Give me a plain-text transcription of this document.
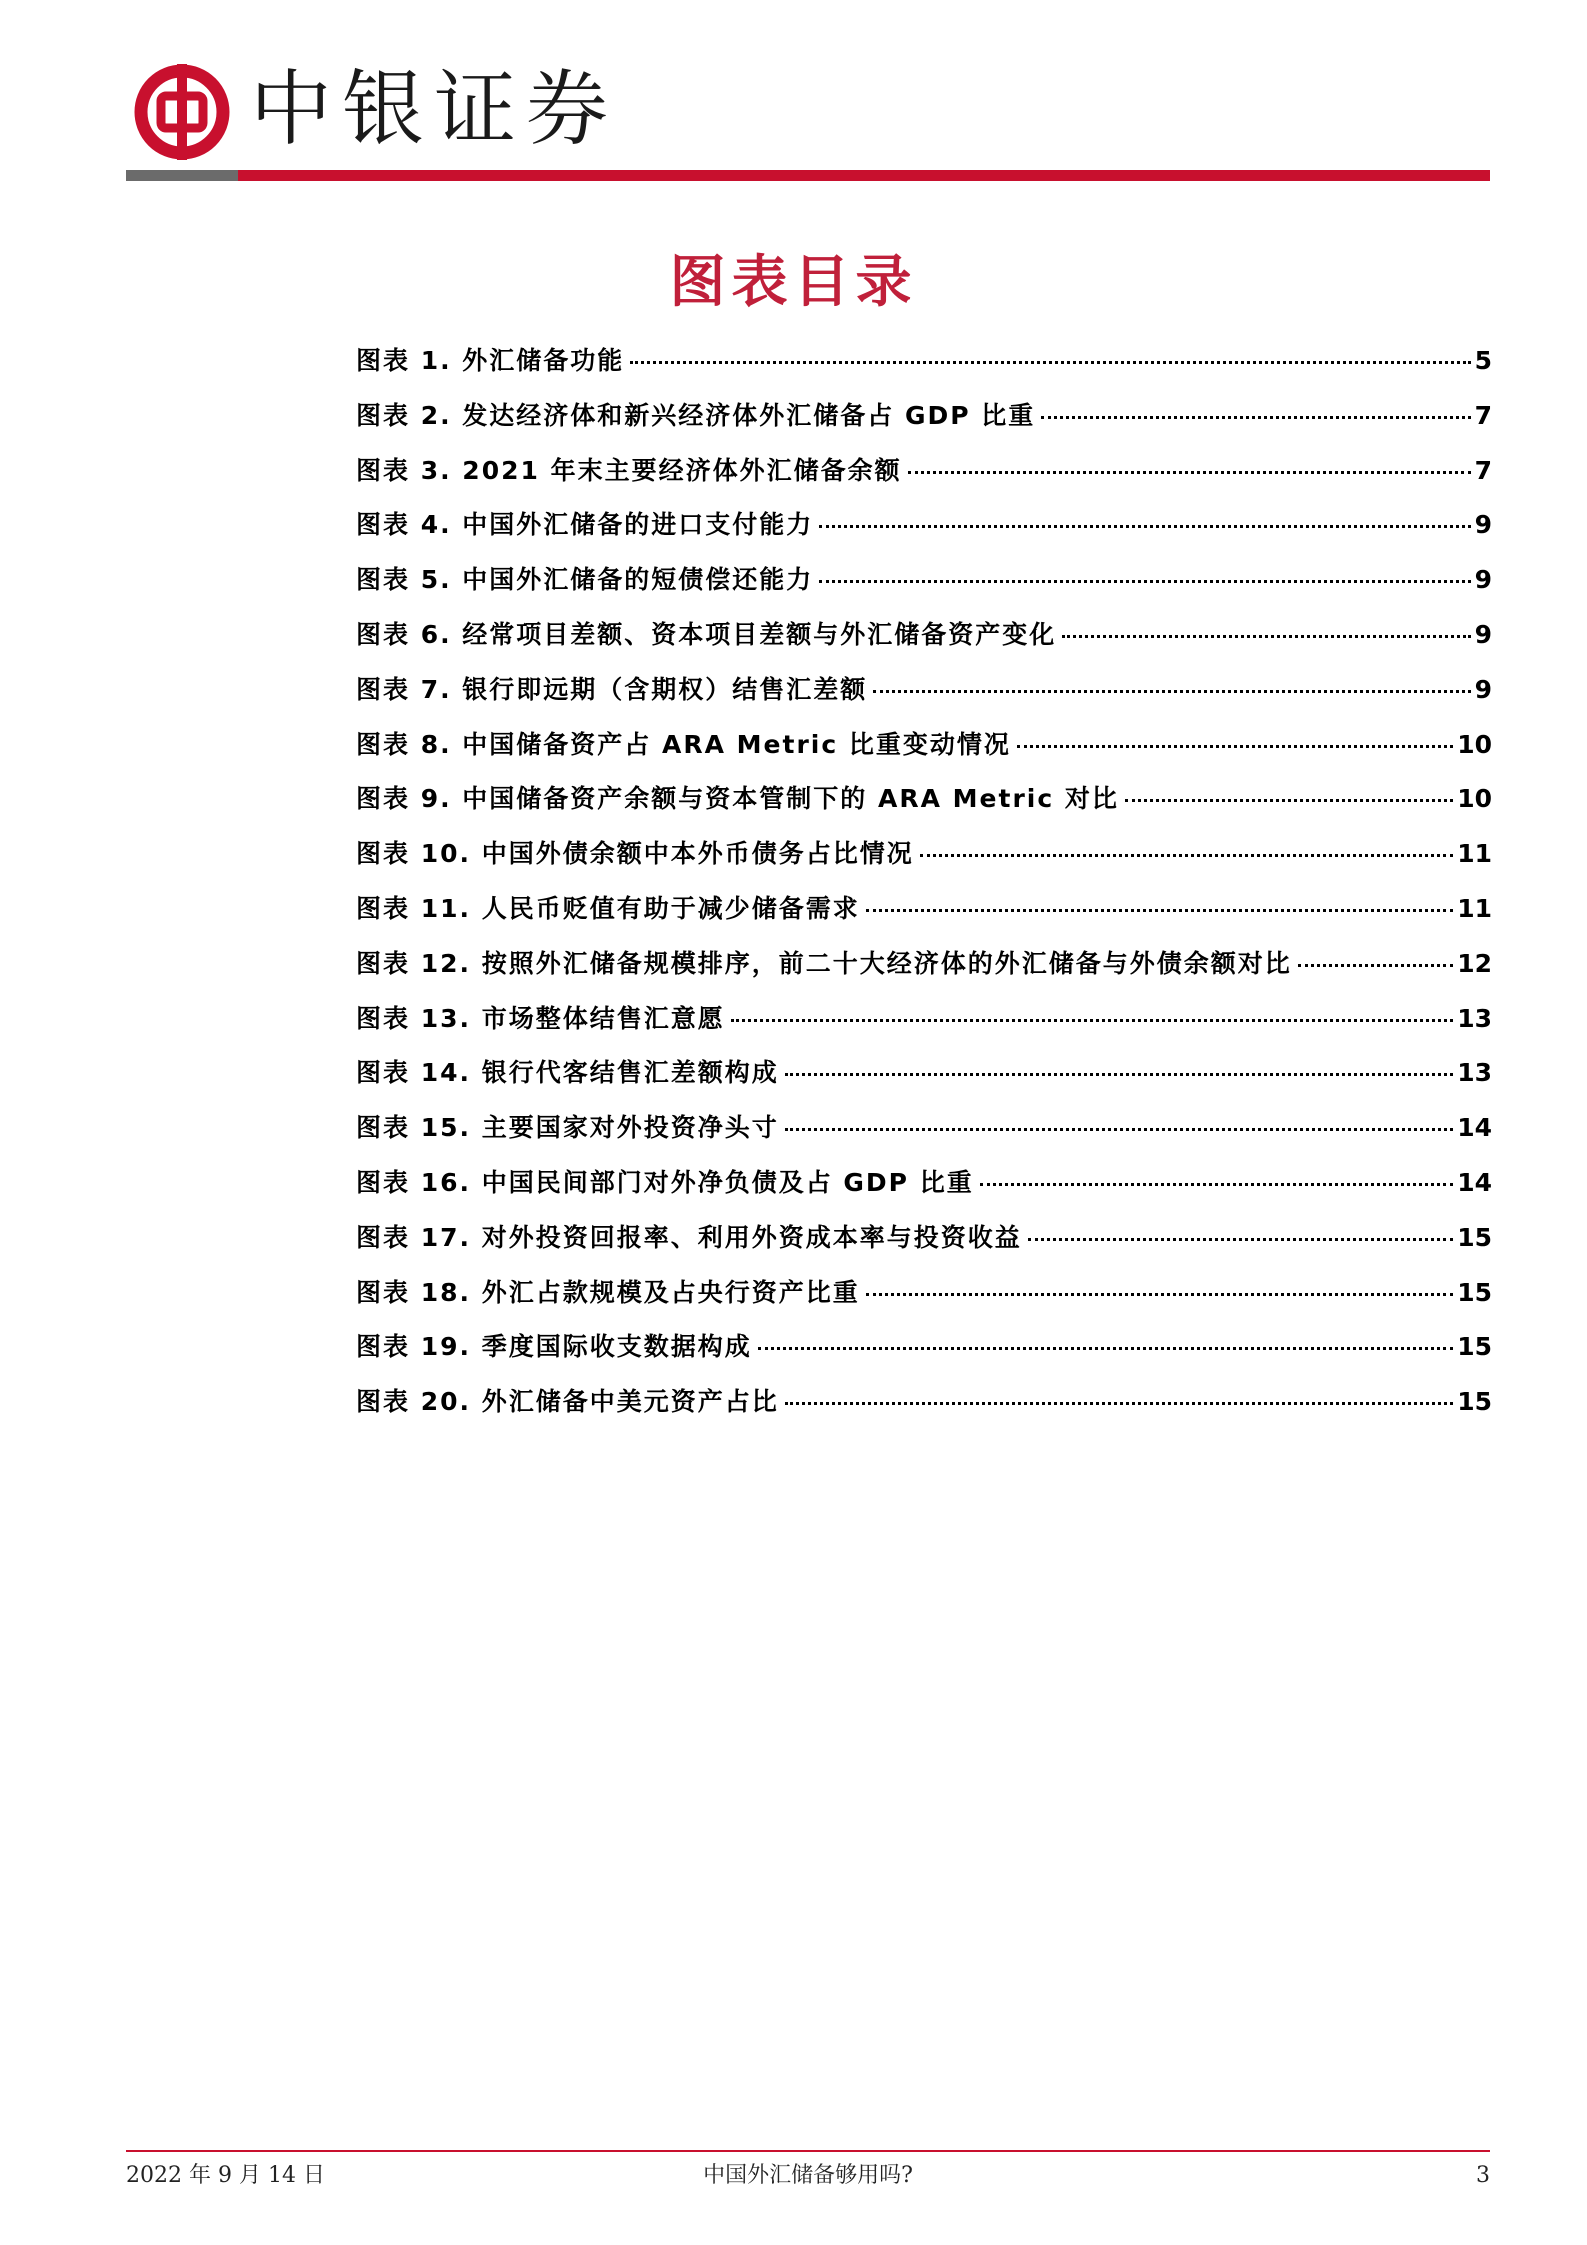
中银证券
图表目录
图表 1. 外汇储备功能	5
图表 2. 发达经济体和新兴经济体外汇储备占 GDP 比重	7
图表 3. 2021 年末主要经济体外汇储备余额	7
图表 4. 中国外汇储备的进口支付能力	9
图表 5. 中国外汇储备的短债偿还能力	9
图表 6. 经常项目差额、资本项目差额与外汇储备资产变化	9
图表 7. 银行即远期（含期权）结售汇差额	9
图表 8. 中国储备资产占 ARA Metric 比重变动情况	10
图表 9. 中国储备资产余额与资本管制下的 ARA Metric 对比	10
图表 10. 中国外债余额中本外币债务占比情况	11
图表 11. 人民币贬值有助于减少储备需求	11
图表 12. 按照外汇储备规模排序，前二十大经济体的外汇储备与外债余额对比	12
图表 13. 市场整体结售汇意愿	13
图表 14. 银行代客结售汇差额构成	13
图表 15. 主要国家对外投资净头寸	14
图表 16. 中国民间部门对外净负债及占 GDP 比重	14
图表 17. 对外投资回报率、利用外资成本率与投资收益	15
图表 18. 外汇占款规模及占央行资产比重	15
图表 19. 季度国际收支数据构成	15
图表 20. 外汇储备中美元资产占比	15
2022 年 9 月 14 日	中国外汇储备够用吗?	3
